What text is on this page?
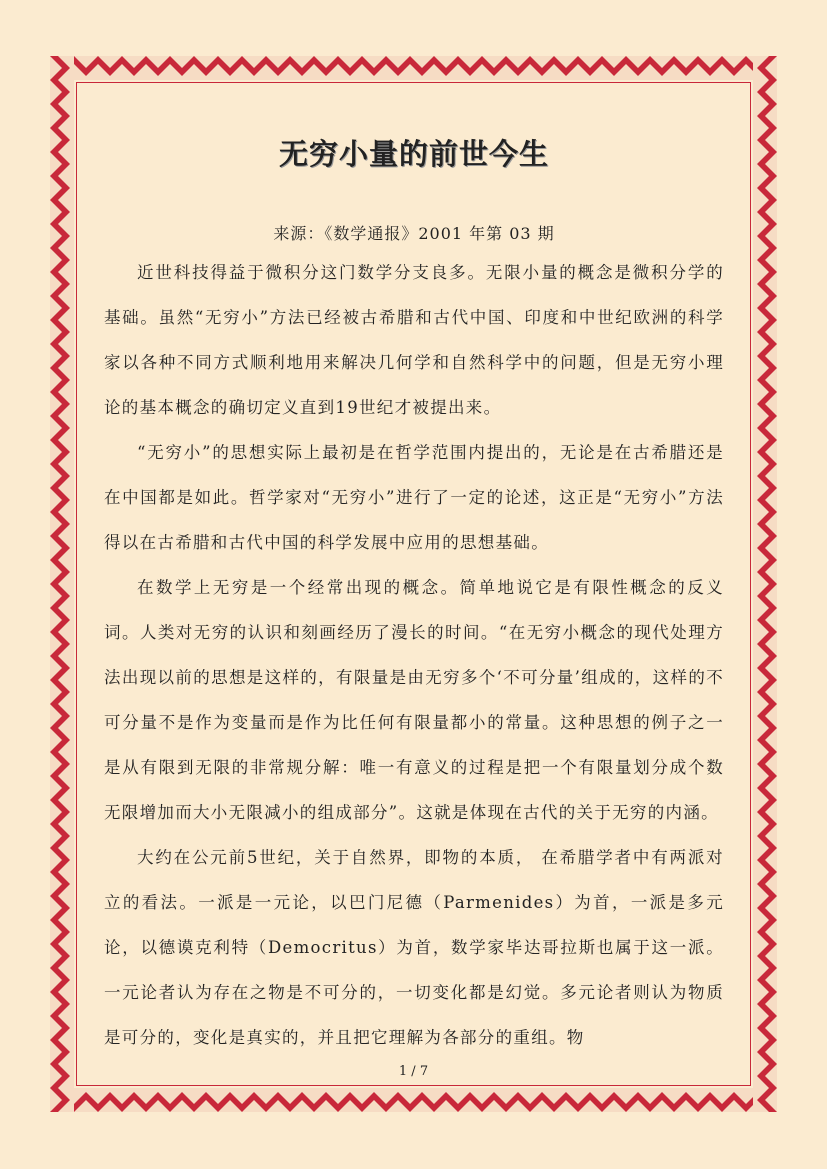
无穷小量的前世今生
来源：《数学通报》2001 年第 03 期

近世科技得益于微积分这门数学分支良多。无限小量的概念是微积分学的基础。虽然“无穷小”方法已经被古希腊和古代中国、印度和中世纪欧洲的科学家以各种不同方式顺利地用来解决几何学和自然科学中的问题，但是无穷小理论的基本概念的确切定义直到19世纪才被提出来。

“无穷小”的思想实际上最初是在哲学范围内提出的，无论是在古希腊还是在中国都是如此。哲学家对“无穷小”进行了一定的论述，这正是“无穷小”方法得以在古希腊和古代中国的科学发展中应用的思想基础。

在数学上无穷是一个经常出现的概念。简单地说它是有限性概念的反义词。人类对无穷的认识和刻画经历了漫长的时间。“在无穷小概念的现代处理方法出现以前的思想是这样的，有限量是由无穷多个‘不可分量’组成的，这样的不可分量不是作为变量而是作为比任何有限量都小的常量。这种思想的例子之一是从有限到无限的非常规分解：唯一有意义的过程是把一个有限量划分成个数无限增加而大小无限减小的组成部分”。这就是体现在古代的关于无穷的内涵。

大约在公元前5世纪，关于自然界，即物的本质， 在希腊学者中有两派对立的看法。一派是一元论，以巴门尼德（Parmenides）为首，一派是多元论，以德谟克利特（Democritus）为首，数学家毕达哥拉斯也属于这一派。一元论者认为存在之物是不可分的，一切变化都是幻觉。多元论者则认为物质是可分的，变化是真实的，并且把它理解为各部分的重组。物

1 / 7
